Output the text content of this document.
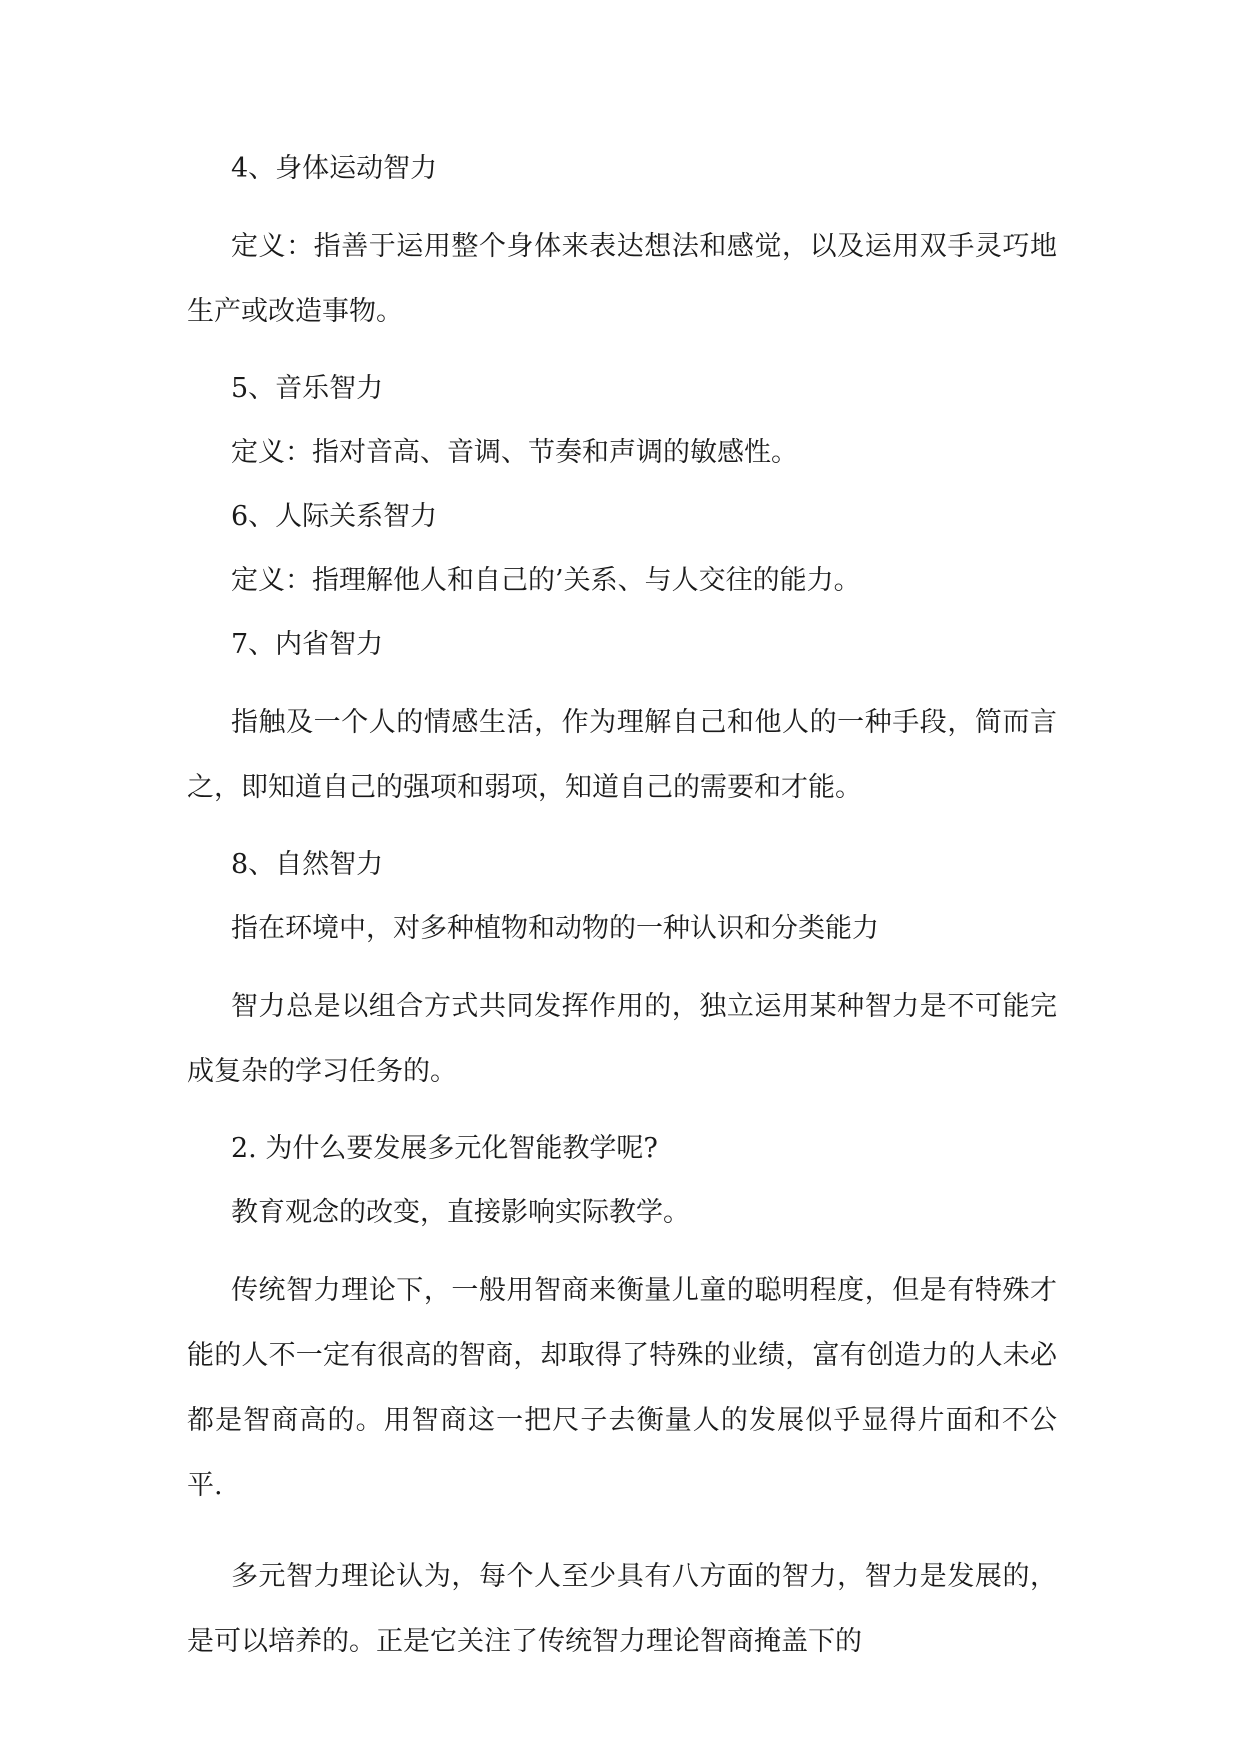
4、身体运动智力

定义：指善于运用整个身体来表达想法和感觉，以及运用双手灵巧地生产或改造事物。

5、音乐智力

定义：指对音高、音调、节奏和声调的敏感性。

6、人际关系智力

定义：指理解他人和自己的’关系、与人交往的能力。

7、内省智力

指触及一个人的情感生活，作为理解自己和他人的一种手段，简而言之，即知道自己的强项和弱项，知道自己的需要和才能。

8、自然智力

指在环境中，对多种植物和动物的一种认识和分类能力

智力总是以组合方式共同发挥作用的，独立运用某种智力是不可能完成复杂的学习任务的。

2. 为什么要发展多元化智能教学呢?

教育观念的改变，直接影响实际教学。

传统智力理论下，一般用智商来衡量儿童的聪明程度，但是有特殊才能的人不一定有很高的智商，却取得了特殊的业绩，富有创造力的人未必都是智商高的。用智商这一把尺子去衡量人的发展似乎显得片面和不公平.

多元智力理论认为，每个人至少具有八方面的智力，智力是发展的，是可以培养的。正是它关注了传统智力理论智商掩盖下的
